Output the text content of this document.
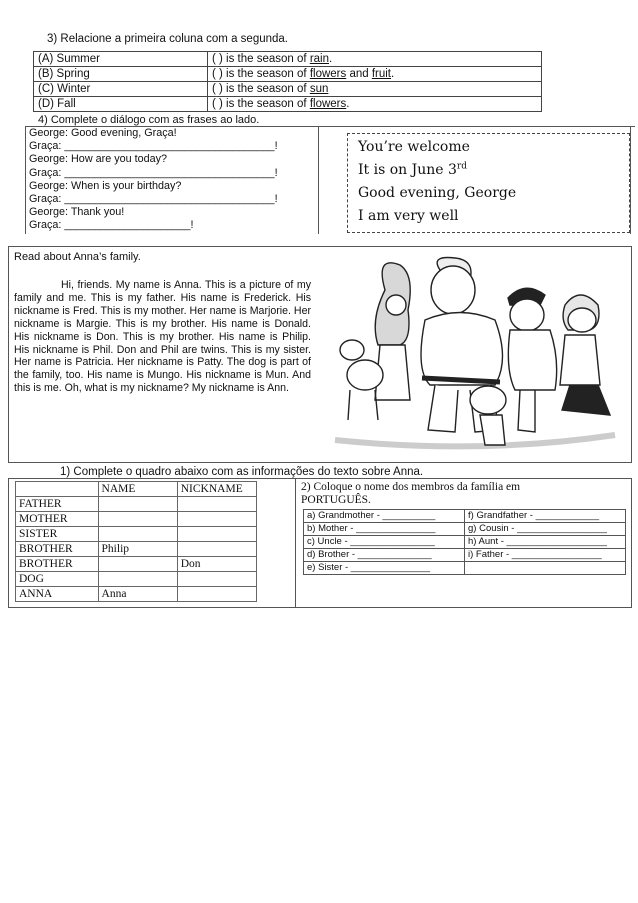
3) Relacione a primeira coluna com a segunda.
(A) Summer	( ) is the season of rain.
(B) Spring	( ) is the season of flowers and fruit.
(C) Winter	( ) is the season of sun
(D) Fall	( ) is the season of flowers.
4) Complete o diálogo com as frases ao lado.
George: Good evening, Graça!
Graça: ___________________________________!
George: How are you today?
Graça: ___________________________________!
George: When is your birthday?
Graça: ___________________________________!
George: Thank you!
Graça: _____________________!
You’re welcome
It is on June 3rd
Good evening, George
I am very well
Read about Anna’s family.
Hi, friends. My name is Anna. This is a picture of my family and me. This is my father. His name is Frederick. His nickname is Fred. This is my mother. Her name is Marjorie. Her nickname is Margie. This is my brother. His name is Donald. His nickname is Don. This is my brother. His name is Philip. His nickname is Phil. Don and Phil are twins. This is my sister. Her name is Patricia. Her nickname is Patty. The dog is part of the family, too. His name is Mungo. His nickname is Mun. And this is me. Oh, what is my nickname? My nickname is Ann.
1) Complete o quadro abaixo com as informações do texto sobre Anna.
	NAME	NICKNAME
FATHER		
MOTHER		
SISTER		
BROTHER	Philip	
BROTHER		Don
DOG		
ANNA	Anna	
2) Coloque o nome dos membros da família em
PORTUGUÊS.
a) Grandmother - __________	f) Grandfather - ____________
b) Mother - _______________	g) Cousin - _________________
c) Uncle - ________________	h) Aunt - ___________________
d) Brother - ______________	i) Father - _________________
e) Sister - _______________	
